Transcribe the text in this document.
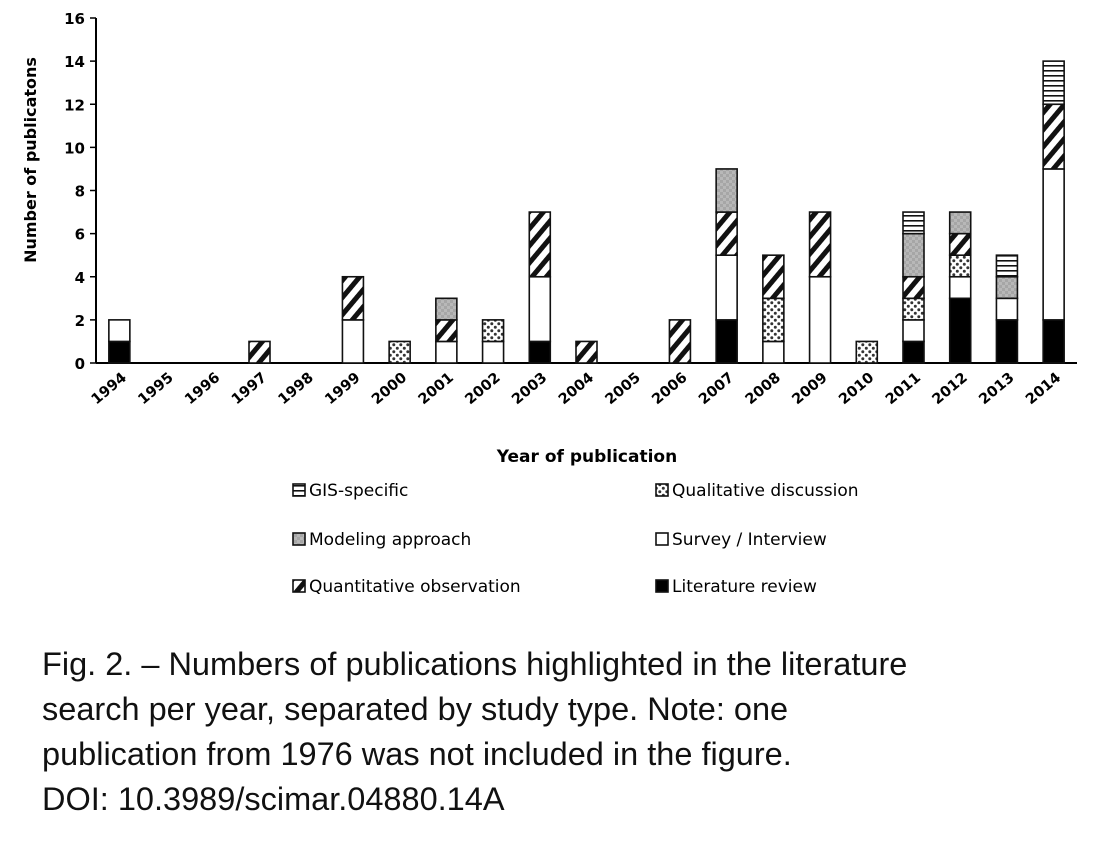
0
2
4
6
8
10
12
14
16
1994 1995 1996 1997 1998 1999 2000 2001 2002 2003 2004 2005 2006 2007 2008 2009 2010 2011 2012 2013 2014
Number of publicatons
Year of publication
GIS-specific	Qualitative discussion
Modeling approach	Survey / Interview
Quantitative observation	Literature review
Fig. 2. – Numbers of publications highlighted in the literature
search per year, separated by study type. Note: one
publication from 1976 was not included in the figure.
DOI: 10.3989/scimar.04880.14A
